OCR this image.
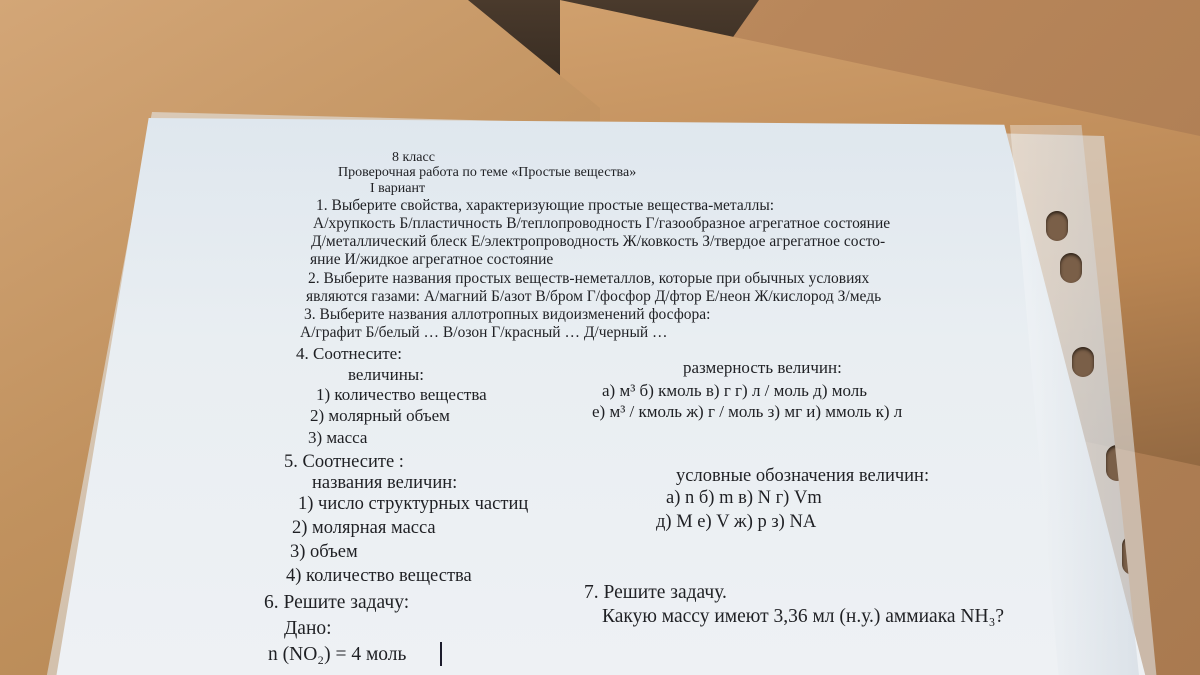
8 класс
Проверочная работа по теме «Простые вещества»
I вариант
1. Выберите свойства, характеризующие простые вещества-металлы:
А/хрупкость Б/пластичность В/теплопроводность Г/газообразное агрегатное состояние
Д/металлический блеск Е/электропроводность Ж/ковкость З/твердое агрегатное состо-
яние И/жидкое агрегатное состояние
2. Выберите названия простых веществ-неметаллов, которые при обычных условиях
являются газами: А/магний Б/азот В/бром Г/фосфор Д/фтор Е/неон Ж/кислород З/медь
3. Выберите названия аллотропных видоизменений фосфора:
А/графит Б/белый … В/озон Г/красный … Д/черный …
4. Соотнесите:
величины:	размерность величин:
1) количество вещества
2) молярный объем
3) масса
а) м³ б) кмоль в) г г) л / моль д) моль
е) м³ / кмоль ж) г / моль з) мг и) ммоль к) л
5. Соотнесите :
названия величин:	условные обозначения величин:
1) число структурных частиц
2) молярная масса
3) объем
4) количество вещества
а) n б) m в) N г) Vm
д) M е) V ж) p з) NA
6. Решите задачу:
Дано:
n (NO₂) = 4 моль
7. Решите задачу.
Какую массу имеют 3,36 мл (н.у.) аммиака NH₃?
